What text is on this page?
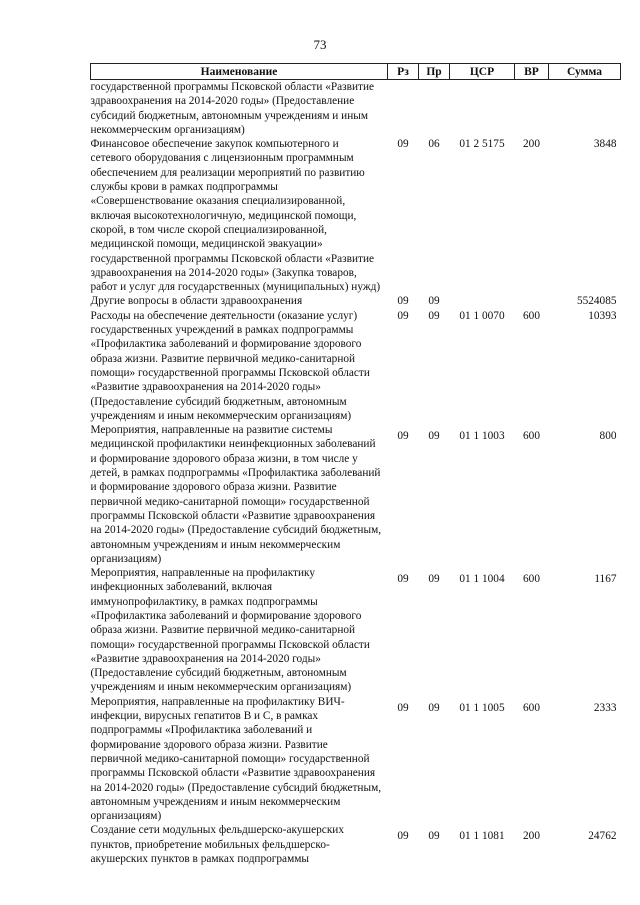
73
Наименование	Рз	Пр	ЦСР	ВР	Сумма
государственной программы Псковской области «Развитие здравоохранения на 2014-2020 годы» (Предоставление субсидий бюджетным, автономным учреждениям и иным некоммерческим организациям)					
Финансовое обеспечение закупок компьютерного и сетевого оборудования с лицензионным программным обеспечением для реализации мероприятий по развитию службы крови в рамках подпрограммы «Совершенствование оказания специализированной, включая высокотехнологичную, медицинской помощи, скорой, в том числе скорой специализированной, медицинской помощи, медицинской эвакуации» государственной программы Псковской области «Развитие здравоохранения на 2014-2020 годы» (Закупка товаров, работ и услуг для государственных (муниципальных) нужд)	09	06	01 2 5175	200	3848
Другие вопросы в области здравоохранения	09	09			5524085
Расходы на обеспечение деятельности (оказание услуг) государственных учреждений в рамках подпрограммы «Профилактика заболеваний и формирование здорового образа жизни. Развитие первичной медико-санитарной помощи» государственной программы Псковской области «Развитие здравоохранения на 2014-2020 годы» (Предоставление субсидий бюджетным, автономным учреждениям и иным некоммерческим организациям)	09	09	01 1 0070	600	10393
Мероприятия, направленные на развитие системы медицинской профилактики неинфекционных заболеваний и формирование здорового образа жизни, в том числе у детей, в рамках подпрограммы «Профилактика заболеваний и формирование здорового образа жизни. Развитие первичной медико-санитарной помощи» государственной программы Псковской области «Развитие здравоохранения на 2014-2020 годы» (Предоставление субсидий бюджетным, автономным учреждениям и иным некоммерческим организациям)	09	09	01 1 1003	600	800
Мероприятия, направленные на профилактику инфекционных заболеваний, включая иммунопрофилактику, в рамках подпрограммы «Профилактика заболеваний и формирование здорового образа жизни. Развитие первичной медико-санитарной помощи» государственной программы Псковской области «Развитие здравоохранения на 2014-2020 годы» (Предоставление субсидий бюджетным, автономным учреждениям и иным некоммерческим организациям)	09	09	01 1 1004	600	1167
Мероприятия, направленные на профилактику ВИЧ-инфекции, вирусных гепатитов В и С, в рамках подпрограммы «Профилактика заболеваний и формирование здорового образа жизни. Развитие первичной медико-санитарной помощи» государственной программы Псковской области «Развитие здравоохранения на 2014-2020 годы» (Предоставление субсидий бюджетным, автономным учреждениям и иным некоммерческим организациям)	09	09	01 1 1005	600	2333
Создание сети модульных фельдшерско-акушерских пунктов, приобретение мобильных фельдшерско-акушерских пунктов в рамках подпрограммы	09	09	01 1 1081	200	24762
